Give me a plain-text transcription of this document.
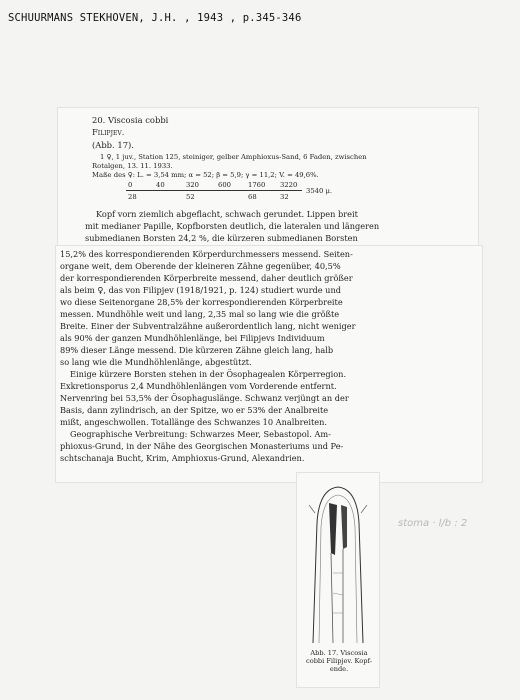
SCHUURMANS STEKHOVEN, J.H. , 1943 , p.345-346
20. Viscosia cobbi
Filipjev.
(Abb. 17).
1 ♀, 1 juv., Station 125, steiniger, gelber Amphioxus-Sand, 6 Faden, zwischen
Rotalgen, 13. 11. 1933.
Maße des ♀: L. = 3,54 mm; α = 52; β = 5,9; γ = 11,2; V. = 49,6%.
0	40	320	600	1760 3220
28	52	68	32
3540 μ.
Kopf vorn ziemlich abgeflacht, schwach gerundet. Lippen breit
mit medianer Papille, Kopfborsten deutlich, die lateralen und längeren
submedianen Borsten 24,2 %, die kürzeren submedianen Borsten
15,2% des korrespondierenden Körperdurchmessers messend. Seiten-
organe weit, dem Oberende der kleineren Zähne gegenüber, 40,5%
der korrespondierenden Körperbreite messend, daher deutlich größer
als beim ♀, das von Filipjev (1918/1921, p. 124) studiert wurde und
wo diese Seitenorgane 28,5% der korrespondierenden Körperbreite
messen. Mundhöhle weit und lang, 2,35 mal so lang wie die größte
Breite. Einer der Subventralzähne außerordentlich lang, nicht weniger
als 90% der ganzen Mundhöhlenlänge, bei Filipjevs Individuum
89% dieser Länge messend. Die kürzeren Zähne gleich lang, halb
so lang wie die Mundhöhlenlänge, abgestützt.
Einige kürzere Borsten stehen in der Ösophagealen Körperregion.
Exkretionsporus 2,4 Mundhöhlenlängen vom Vorderende entfernt.
Nervenring bei 53,5% der Ösophaguslänge. Schwanz verjüngt an der
Basis, dann zylindrisch, an der Spitze, wo er 53% der Analbreite
mißt, angeschwollen. Totallänge des Schwanzes 10 Analbreiten.
Geographische Verbreitung: Schwarzes Meer, Sebastopol. Am-
phioxus-Grund, in der Nähe des Georgischen Monasteriums und Pe-
schtschanaja Bucht, Krim, Amphioxus-Grund, Alexandrien.
Abb. 17. Viscosia
cobbi Filipjev. Kopf-
ende.
stoma · l/b : 2
